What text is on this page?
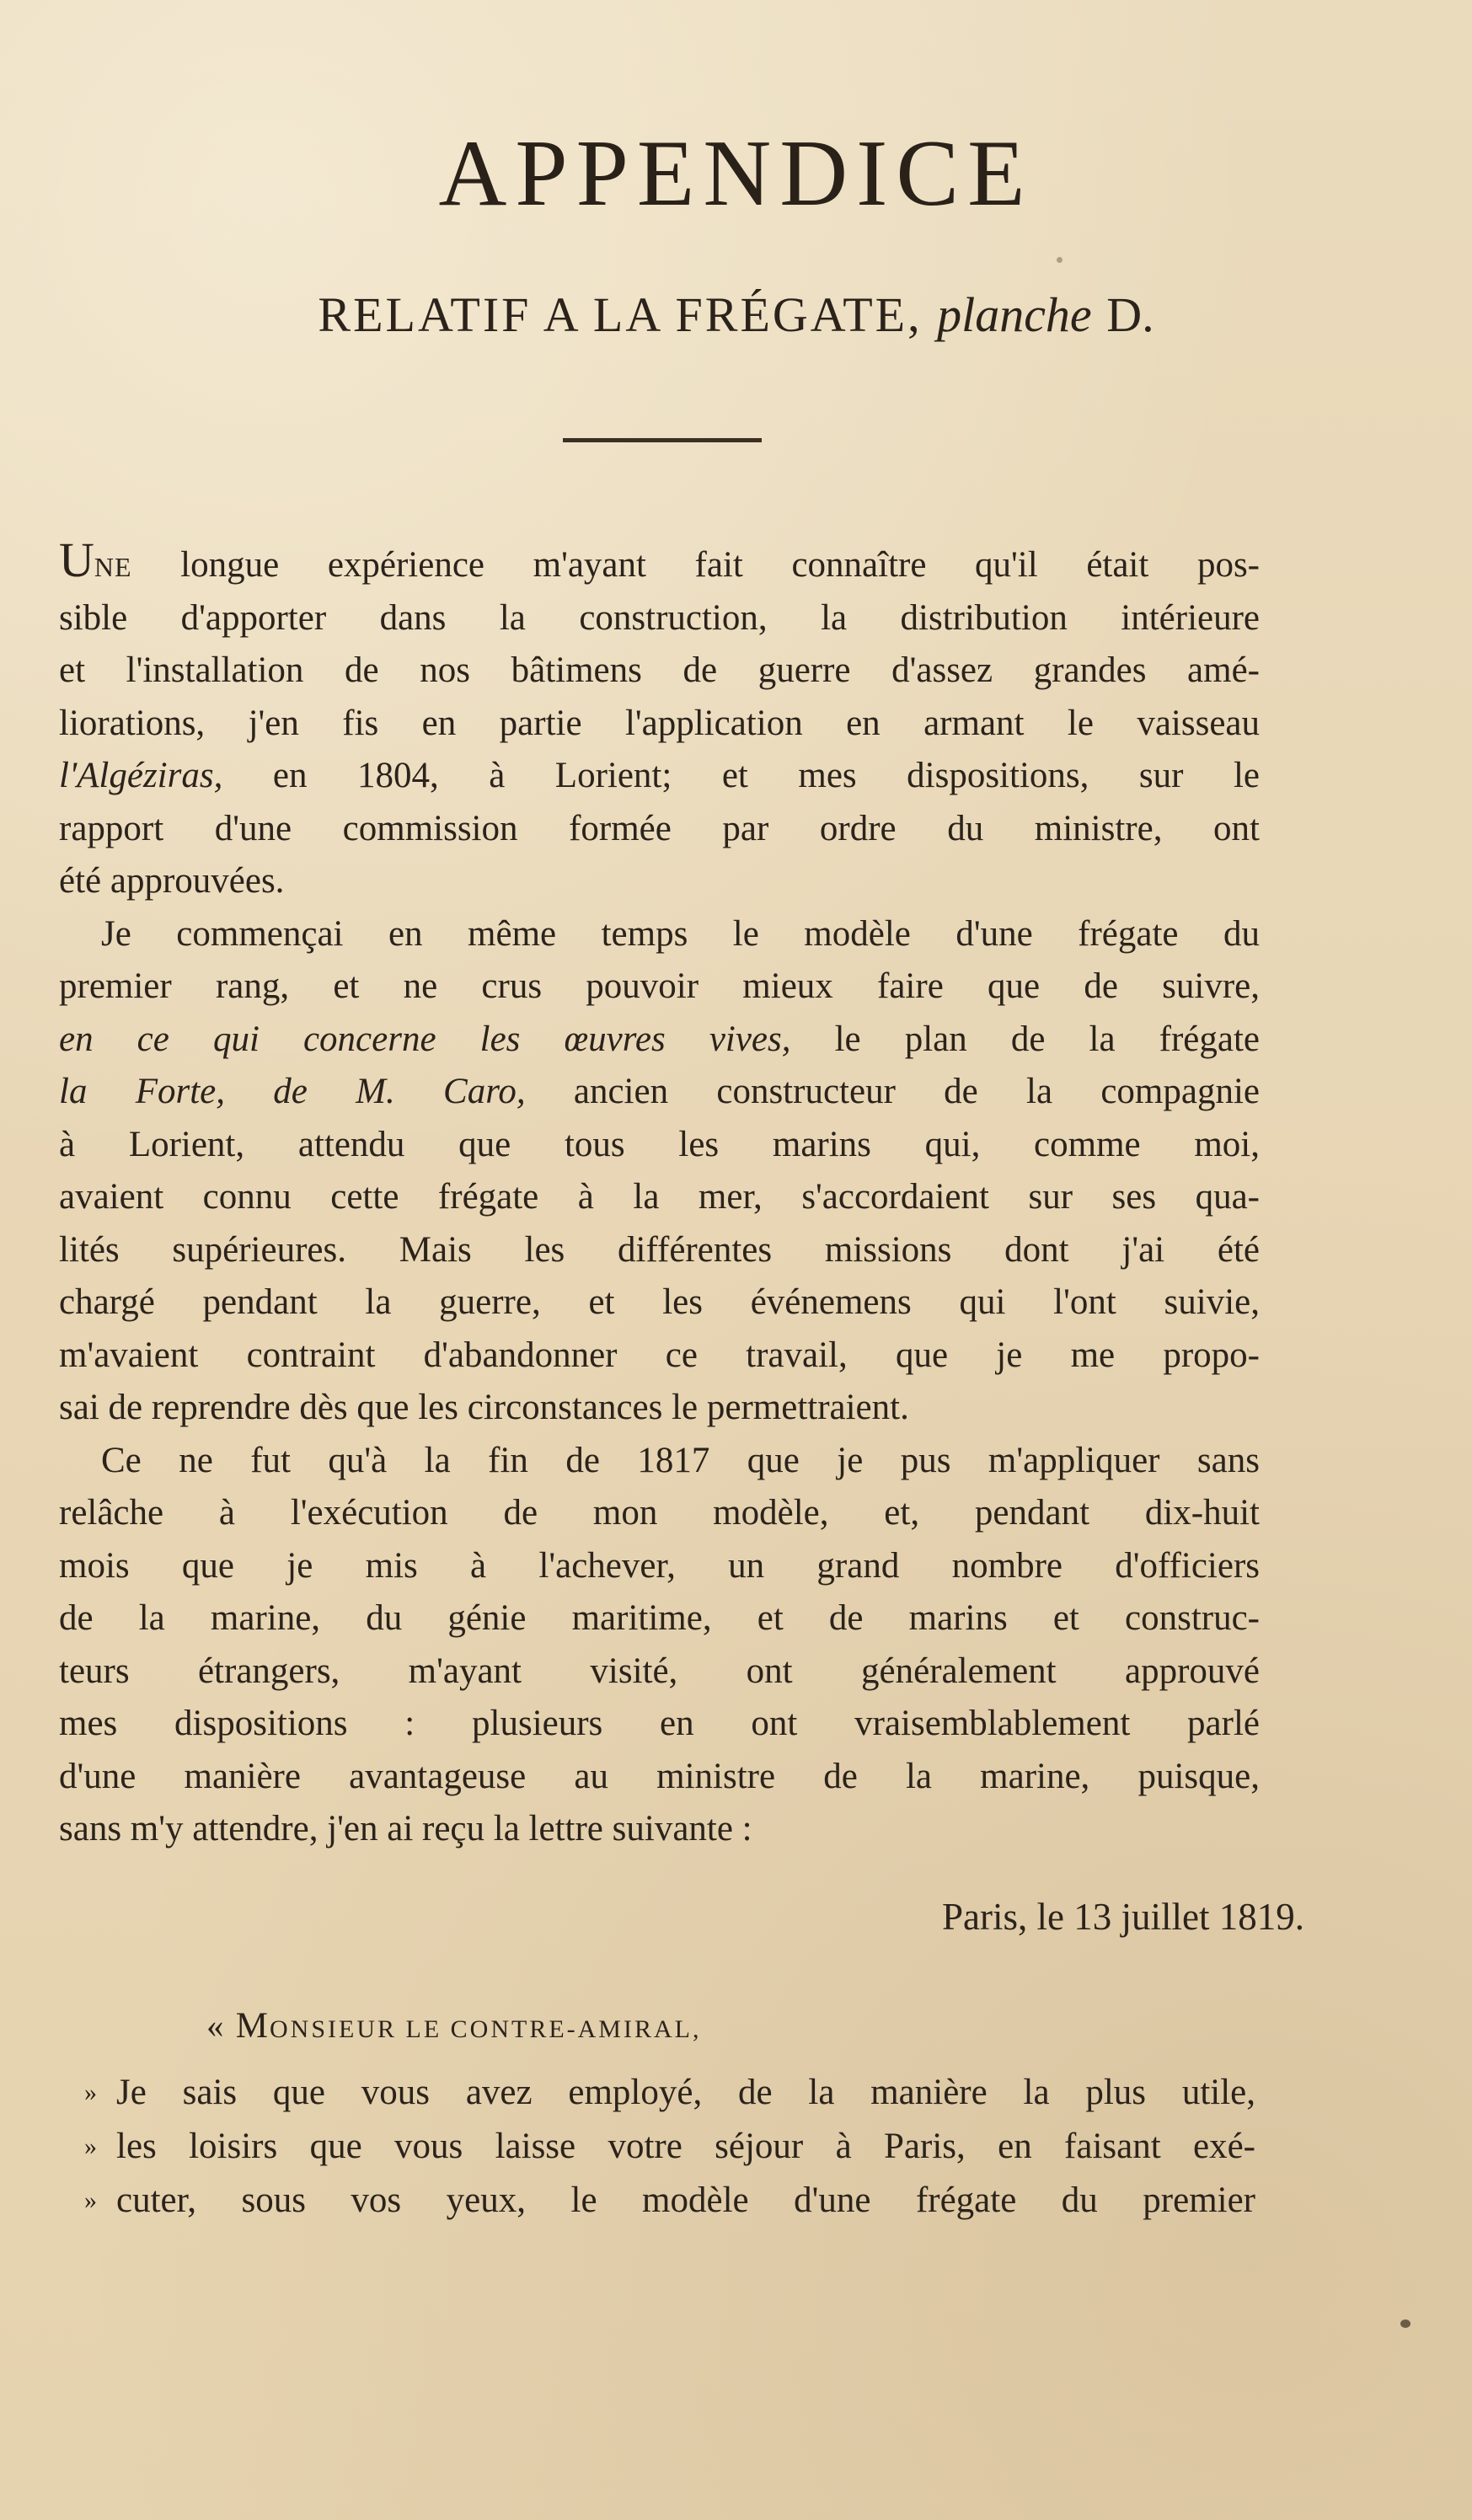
APPENDICE
RELATIF A LA FRÉGATE, planche D.
UNE longue expérience m'ayant fait connaître qu'il était pos-
sible d'apporter dans la construction, la distribution intérieure
et l'installation de nos bâtimens de guerre d'assez grandes amé-
liorations, j'en fis en partie l'application en armant le vaisseau
l'Algéziras, en 1804, à Lorient; et mes dispositions, sur le
rapport d'une commission formée par ordre du ministre, ont
été approuvées.
Je commençai en même temps le modèle d'une frégate du
premier rang, et ne crus pouvoir mieux faire que de suivre,
en ce qui concerne les œuvres vives, le plan de la frégate
la Forte, de M. Caro, ancien constructeur de la compagnie
à Lorient, attendu que tous les marins qui, comme moi,
avaient connu cette frégate à la mer, s'accordaient sur ses qua-
lités supérieures. Mais les différentes missions dont j'ai été
chargé pendant la guerre, et les événemens qui l'ont suivie,
m'avaient contraint d'abandonner ce travail, que je me propo-
sai de reprendre dès que les circonstances le permettraient.
Ce ne fut qu'à la fin de 1817 que je pus m'appliquer sans
relâche à l'exécution de mon modèle, et, pendant dix-huit
mois que je mis à l'achever, un grand nombre d'officiers
de la marine, du génie maritime, et de marins et construc-
teurs étrangers, m'ayant visité, ont généralement approuvé
mes dispositions : plusieurs en ont vraisemblablement parlé
d'une manière avantageuse au ministre de la marine, puisque,
sans m'y attendre, j'en ai reçu la lettre suivante :
Paris, le 13 juillet 1819.
« MONSIEUR LE CONTRE-AMIRAL,
» Je sais que vous avez employé, de la manière la plus utile,
» les loisirs que vous laisse votre séjour à Paris, en faisant exé-
» cuter, sous vos yeux, le modèle d'une frégate du premier
